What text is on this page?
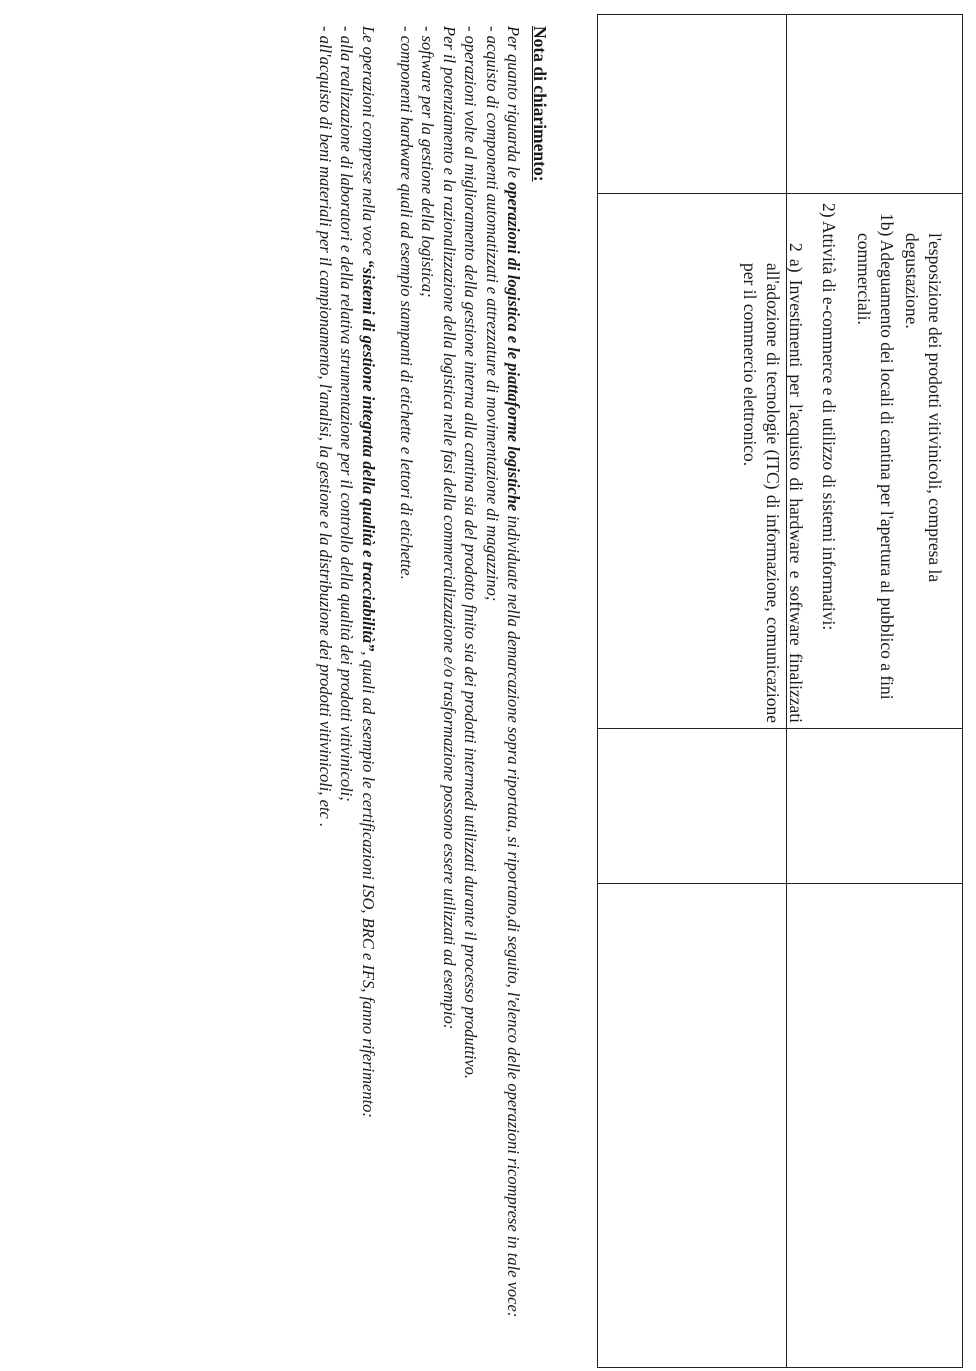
l'esposizione dei prodotti vitivinicoli, compresa la

degustazione.

1b) Adeguamento dei locali di cantina per l'apertura al pubblico a fini commerciali.

2) Attività di e-commerce e di utilizzo di sistemi informativi:

2 a) Investimenti per l'acquisto di hardware e software finalizzati all'adozione di tecnologie (ITC) di informazione, comunicazione per il commercio elettronico.

Nota di chiarimento:

Per quanto riguarda le operazioni di logistica e le piattaforme logistiche individuate nella demarcazione sopra riportata, si riportano,di seguito, l'elenco delle operazioni ricomprese in tale voce:

- acquisto di componenti automatizzati e attrezzature di movimentazione di magazzino;

- operazioni volte al miglioramento della gestione interna alla cantina sia del prodotto finito sia dei prodotti intermedi utilizzati durante il processo produttivo.

Per il potenziamento e la razionalizzazione della logistica nelle fasi della commercializzazione e/o trasformazione possono essere utilizzati ad esempio:

- software per la gestione della logistica;

- componenti hardware quali ad esempio stampanti di etichette e lettori di etichette.

Le operazioni comprese nella voce “sistemi di gestione integrata della qualità e tracciabilità”, quali ad esempio le certificazioni ISO, BRC e IFS, fanno riferimento:

- alla realizzazione di laboratori e della relativa strumentazione per il controllo della qualità dei prodotti vitivinicoli;

- all'acquisto di beni materiali per il campionamento, l'analisi, la gestione e la distribuzione dei prodotti vitivinicoli, etc .
